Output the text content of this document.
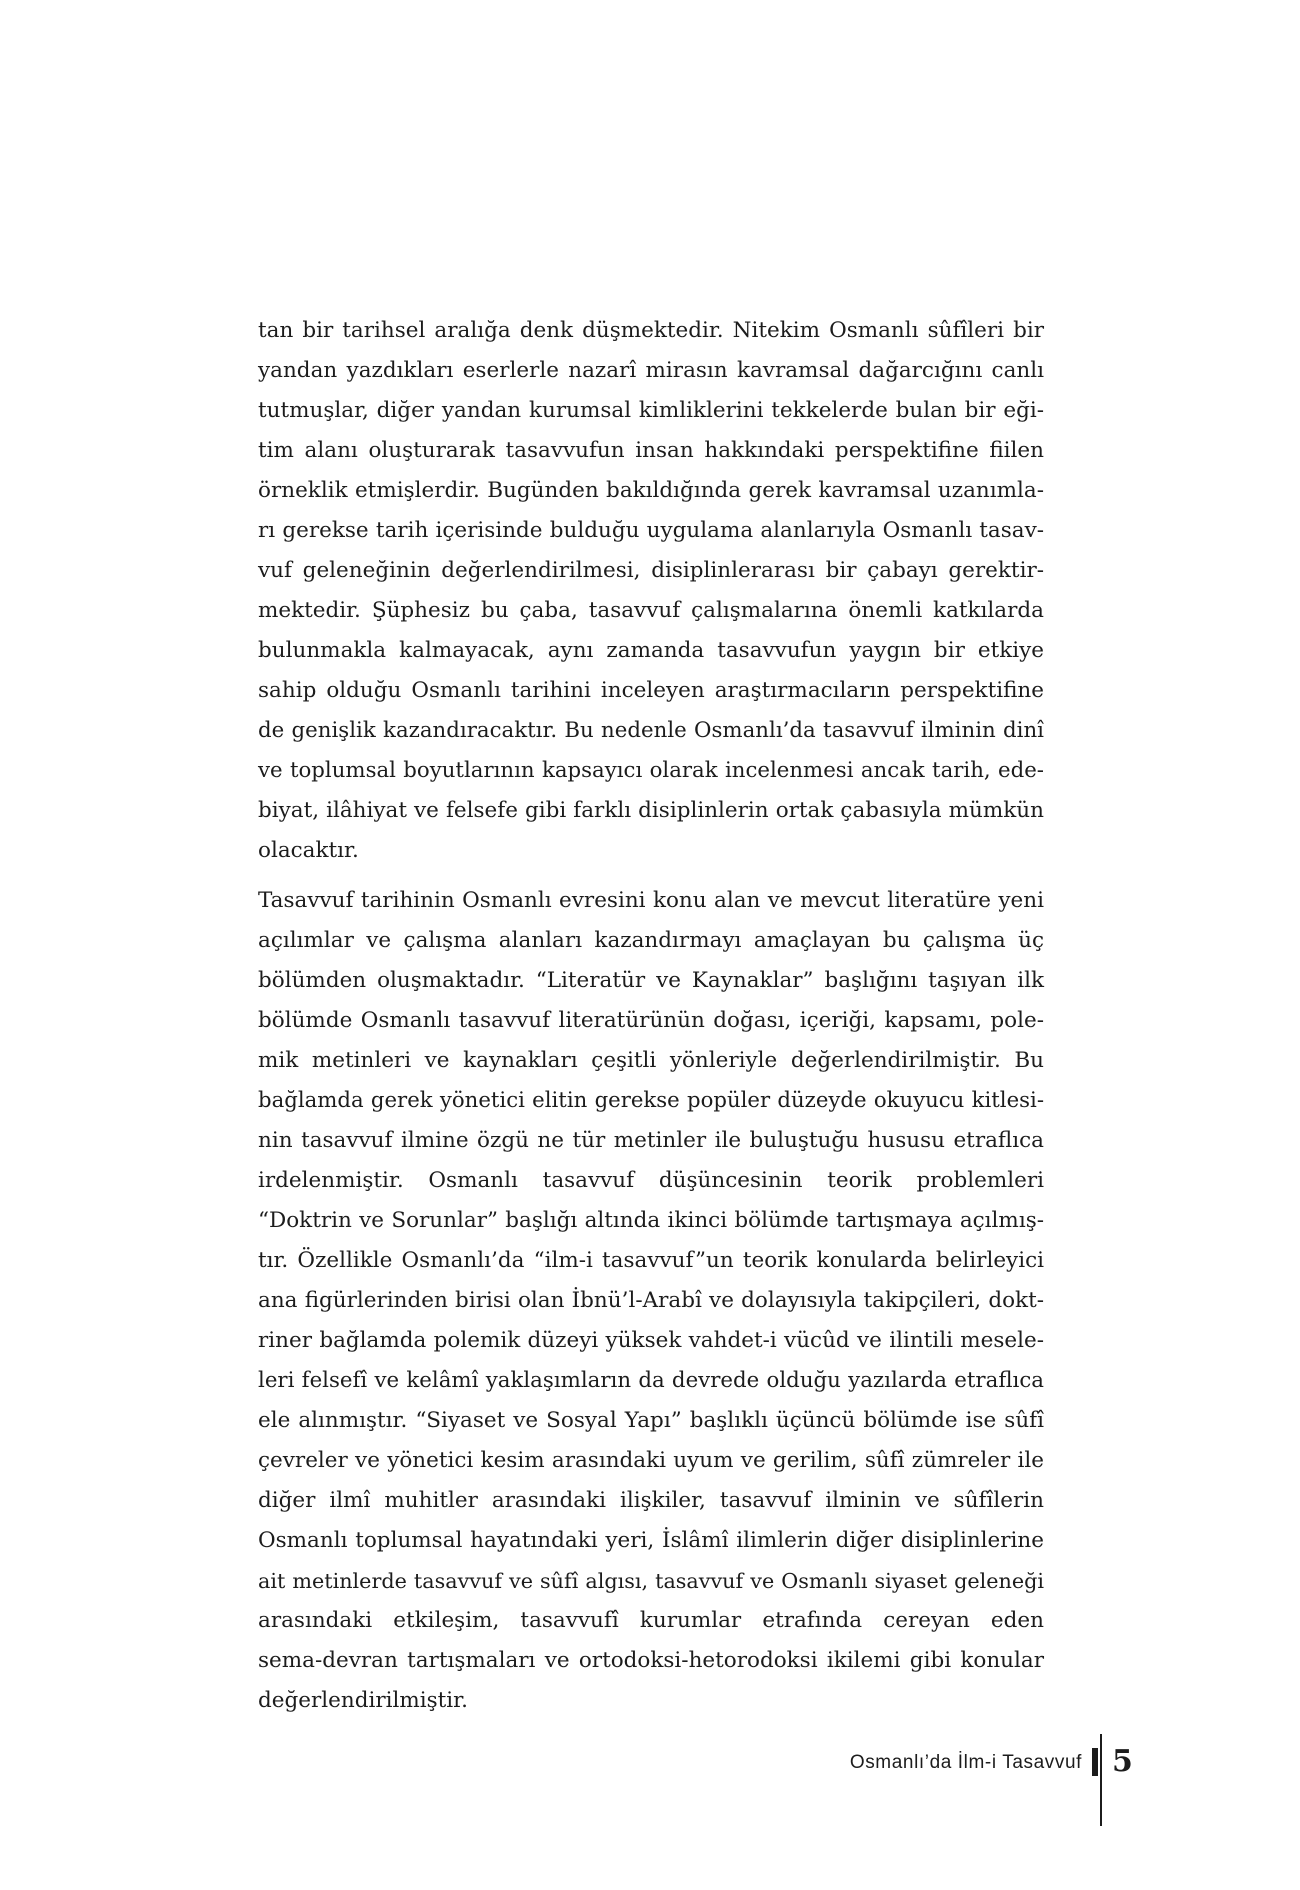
tan bir tarihsel aralığa denk düşmektedir. Nitekim Osmanlı sûfîleri bir
yandan yazdıkları eserlerle nazarî mirasın kavramsal dağarcığını canlı
tutmuşlar, diğer yandan kurumsal kimliklerini tekkelerde bulan bir eği-
tim alanı oluşturarak tasavvufun insan hakkındaki perspektifine fiilen
örneklik etmişlerdir. Bugünden bakıldığında gerek kavramsal uzanımla-
rı gerekse tarih içerisinde bulduğu uygulama alanlarıyla Osmanlı tasav-
vuf geleneğinin değerlendirilmesi, disiplinlerarası bir çabayı gerektir-
mektedir. Şüphesiz bu çaba, tasavvuf çalışmalarına önemli katkılarda
bulunmakla kalmayacak, aynı zamanda tasavvufun yaygın bir etkiye
sahip olduğu Osmanlı tarihini inceleyen araştırmacıların perspektifine
de genişlik kazandıracaktır. Bu nedenle Osmanlı’da tasavvuf ilminin dinî
ve toplumsal boyutlarının kapsayıcı olarak incelenmesi ancak tarih, ede-
biyat, ilâhiyat ve felsefe gibi farklı disiplinlerin ortak çabasıyla mümkün
olacaktır.

Tasavvuf tarihinin Osmanlı evresini konu alan ve mevcut literatüre yeni
açılımlar ve çalışma alanları kazandırmayı amaçlayan bu çalışma üç
bölümden oluşmaktadır. “Literatür ve Kaynaklar” başlığını taşıyan ilk
bölümde Osmanlı tasavvuf literatürünün doğası, içeriği, kapsamı, pole-
mik metinleri ve kaynakları çeşitli yönleriyle değerlendirilmiştir. Bu
bağlamda gerek yönetici elitin gerekse popüler düzeyde okuyucu kitlesi-
nin tasavvuf ilmine özgü ne tür metinler ile buluştuğu hususu etraflıca
irdelenmiştir. Osmanlı tasavvuf düşüncesinin teorik problemleri
“Doktrin ve Sorunlar” başlığı altında ikinci bölümde tartışmaya açılmış-
tır. Özellikle Osmanlı’da “ilm-i tasavvuf”un teorik konularda belirleyici
ana figürlerinden birisi olan İbnü’l-Arabî ve dolayısıyla takipçileri, dokt-
riner bağlamda polemik düzeyi yüksek vahdet-i vücûd ve ilintili mesele-
leri felsefî ve kelâmî yaklaşımların da devrede olduğu yazılarda etraflıca
ele alınmıştır. “Siyaset ve Sosyal Yapı” başlıklı üçüncü bölümde ise sûfî
çevreler ve yönetici kesim arasındaki uyum ve gerilim, sûfî zümreler ile
diğer ilmî muhitler arasındaki ilişkiler, tasavvuf ilminin ve sûfîlerin
Osmanlı toplumsal hayatındaki yeri, İslâmî ilimlerin diğer disiplinlerine
ait metinlerde tasavvuf ve sûfî algısı, tasavvuf ve Osmanlı siyaset geleneği
arasındaki etkileşim, tasavvufî kurumlar etrafında cereyan eden
sema-devran tartışmaları ve ortodoksi-hetorodoksi ikilemi gibi konular
değerlendirilmiştir.

Osmanlı’da İlm-i Tasavvuf 5
